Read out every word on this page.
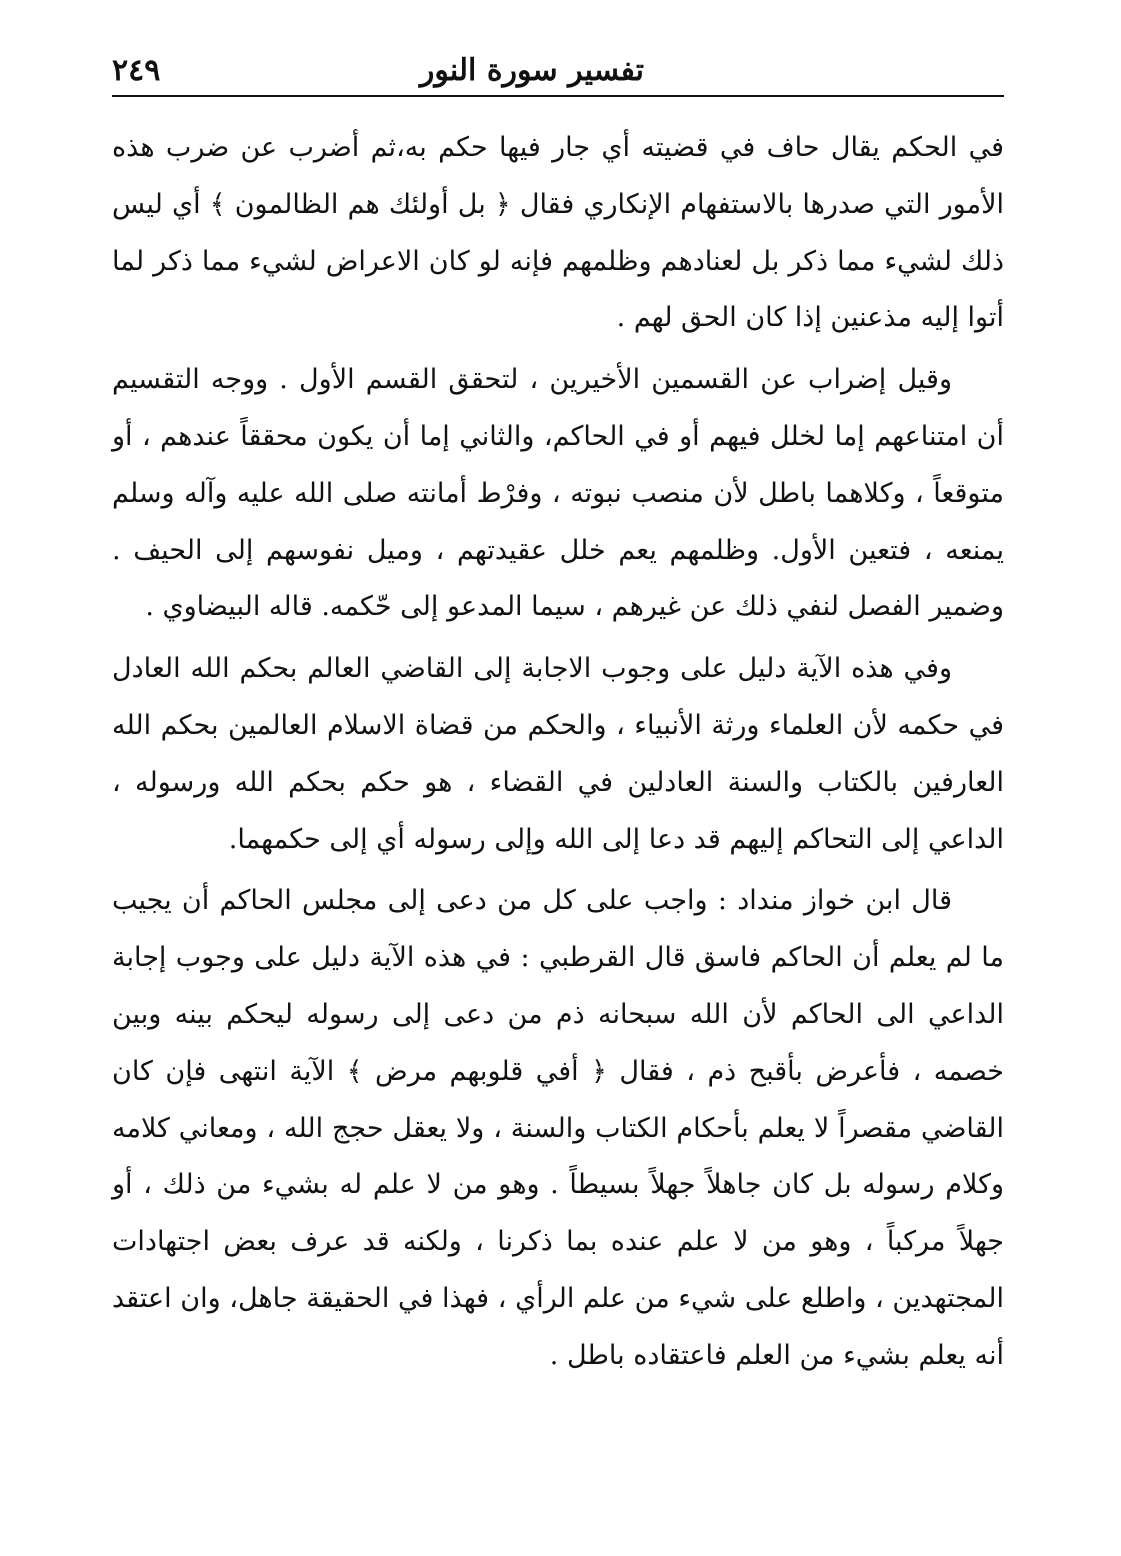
تفسير سورة النور
٢٤٩

في الحكم يقال حاف في قضيته أي جار فيها حكم به،ثم أضرب عن ضرب هذه الأمور التي صدرها بالاستفهام الإنكاري فقال ﴿ بل أولئك هم الظالمون ﴾ أي ليس ذلك لشيء مما ذكر بل لعنادهم وظلمهم فإنه لو كان الاعراض لشيء مما ذكر لما أتوا إليه مذعنين إذا كان الحق لهم .

وقيل إضراب عن القسمين الأخيرين ، لتحقق القسم الأول . ووجه التقسيم أن امتناعهم إما لخلل فيهم أو في الحاكم، والثاني إما أن يكون محققاً عندهم ، أو متوقعاً ، وكلاهما باطل لأن منصب نبوته ، وفرْط أمانته صلى الله عليه وآله وسلم يمنعه ، فتعين الأول. وظلمهم يعم خلل عقيدتهم ، وميل نفوسهم إلى الحيف . وضمير الفصل لنفي ذلك عن غيرهم ، سيما المدعو إلى حّكمه. قاله البيضاوي .

وفي هذه الآية دليل على وجوب الاجابة إلى القاضي العالم بحكم الله العادل في حكمه لأن العلماء ورثة الأنبياء ، والحكم من قضاة الاسلام العالمين بحكم الله العارفين بالكتاب والسنة العادلين في القضاء ، هو حكم بحكم الله ورسوله ، الداعي إلى التحاكم إليهم قد دعا إلى الله وإلى رسوله أي إلى حكمهما.

قال ابن خواز منداد : واجب على كل من دعى إلى مجلس الحاكم أن يجيب ما لم يعلم أن الحاكم فاسق قال القرطبي : في هذه الآية دليل على وجوب إجابة الداعي الى الحاكم لأن الله سبحانه ذم من دعى إلى رسوله ليحكم بينه وبين خصمه ، فأعرض بأقبح ذم ، فقال ﴿ أفي قلوبهم مرض ﴾ الآية انتهى فإن كان القاضي مقصراً لا يعلم بأحكام الكتاب والسنة ، ولا يعقل حجج الله ، ومعاني كلامه وكلام رسوله بل كان جاهلاً جهلاً بسيطاً . وهو من لا علم له بشيء من ذلك ، أو جهلاً مركباً ، وهو من لا علم عنده بما ذكرنا ، ولكنه قد عرف بعض اجتهادات المجتهدين ، واطلع على شيء من علم الرأي ، فهذا في الحقيقة جاهل، وان اعتقد أنه يعلم بشيء من العلم فاعتقاده باطل .
